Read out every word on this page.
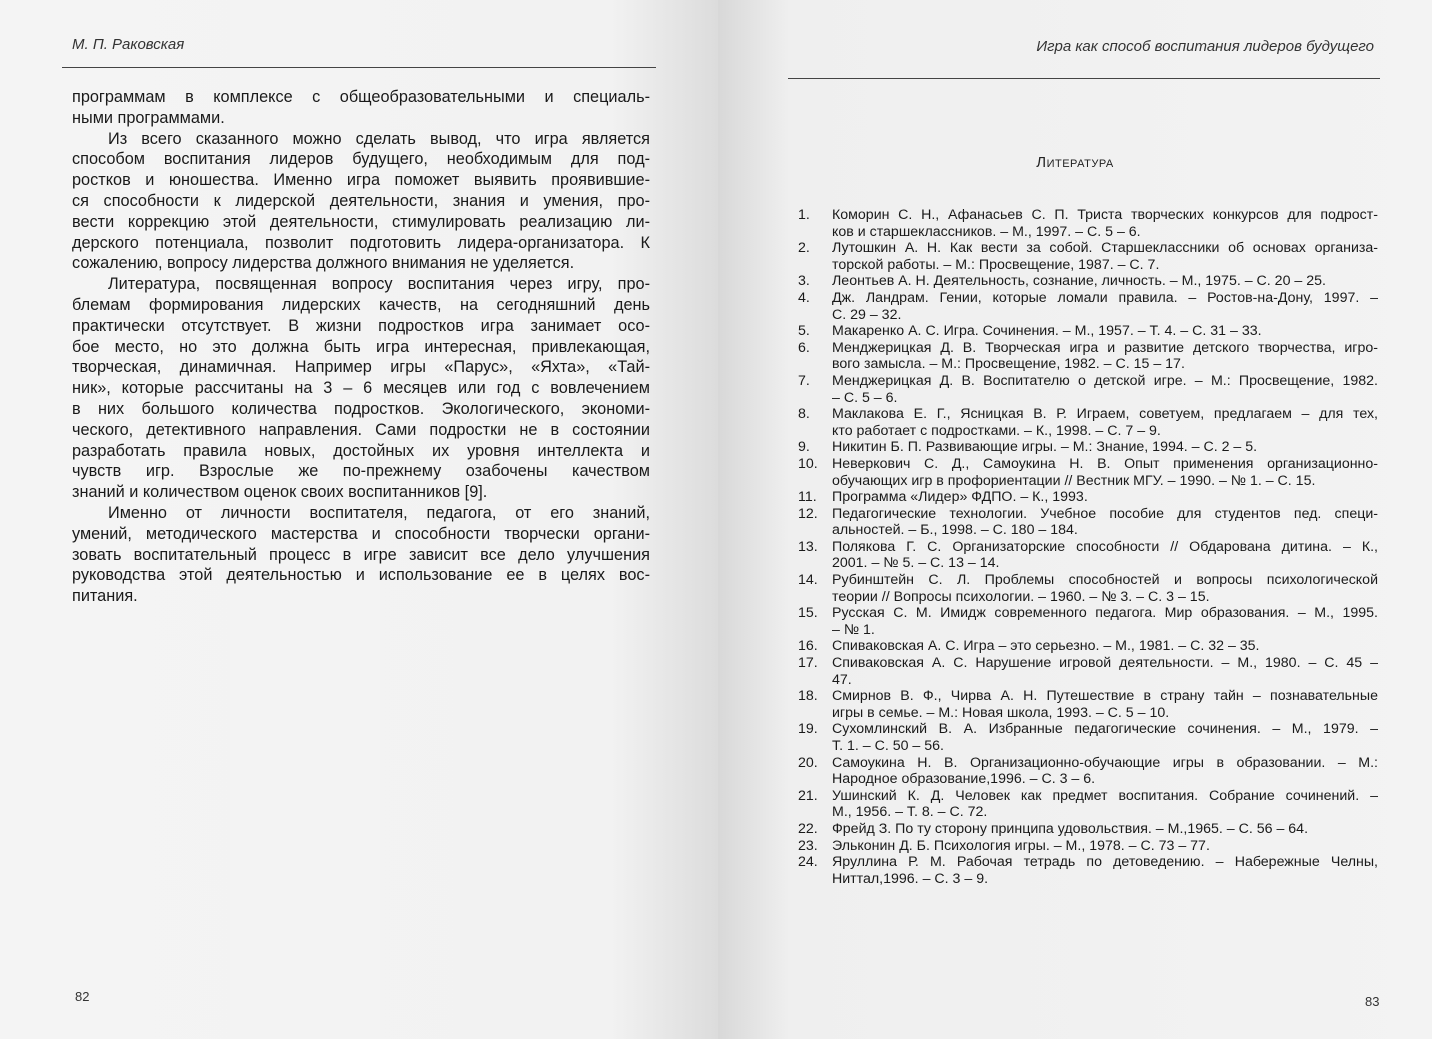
М. П. Раковская
программам в комплексе с общеобразовательными и специаль-
ными программами.
Из всего сказанного можно сделать вывод, что игра является
способом воспитания лидеров будущего, необходимым для под-
ростков и юношества. Именно игра поможет выявить проявившие-
ся способности к лидерской деятельности, знания и умения, про-
вести коррекцию этой деятельности, стимулировать реализацию ли-
дерского потенциала, позволит подготовить лидера-организатора. К
сожалению, вопросу лидерства должного внимания не уделяется.
Литература, посвященная вопросу воспитания через игру, про-
блемам формирования лидерских качеств, на сегодняшний день
практически отсутствует. В жизни подростков игра занимает осо-
бое место, но это должна быть игра интересная, привлекающая,
творческая, динамичная. Например игры «Парус», «Яхта», «Тай-
ник», которые рассчитаны на 3 – 6 месяцев или год с вовлечением
в них большого количества подростков. Экологического, экономи-
ческого, детективного направления. Сами подростки не в состоянии
разработать правила новых, достойных их уровня интеллекта и
чувств игр. Взрослые же по-прежнему озабочены качеством
знаний и количеством оценок своих воспитанников [9].
Именно от личности воспитателя, педагога, от его знаний,
умений, методического мастерства и способности творчески органи-
зовать воспитательный процесс в игре зависит все дело улучшения
руководства этой деятельностью и использование ее в целях вос-
питания.
82
Игра как способ воспитания лидеров будущего
Литература
1. Коморин С. Н., Афанасьев С. П. Триста творческих конкурсов для подрост-
ков и старшеклассников. – М., 1997. – С. 5 – 6.
2. Лутошкин А. Н. Как вести за собой. Старшеклассники об основах организа-
торской работы. – М.: Просвещение, 1987. – С. 7.
3. Леонтьев А. Н. Деятельность, сознание, личность. – М., 1975. – С. 20 – 25.
4. Дж. Ландрам. Гении, которые ломали правила. – Ростов-на-Дону, 1997. –
С. 29 – 32.
5. Макаренко А. С. Игра. Сочинения. – М., 1957. – Т. 4. – С. 31 – 33.
6. Менджерицкая Д. В. Творческая игра и развитие детского творчества, игро-
вого замысла. – М.: Просвещение, 1982. – С. 15 – 17.
7. Менджерицкая Д. В. Воспитателю о детской игре. – М.: Просвещение, 1982.
– С. 5 – 6.
8. Маклакова Е. Г., Ясницкая В. Р. Играем, советуем, предлагаем – для тех,
кто работает с подростками. – К., 1998. – С. 7 – 9.
9. Никитин Б. П. Развивающие игры. – М.: Знание, 1994. – С. 2 – 5.
10. Неверкович С. Д., Самоукина Н. В. Опыт применения организационно-
обучающих игр в профориентации // Вестник МГУ. – 1990. – № 1. – С. 15.
11. Программа «Лидер» ФДПО. – К., 1993.
12. Педагогические технологии. Учебное пособие для студентов пед. специ-
альностей. – Б., 1998. – С. 180 – 184.
13. Полякова Г. С. Организаторские способности // Обдарована дитина. – К.,
2001. – № 5. – С. 13 – 14.
14. Рубинштейн С. Л. Проблемы способностей и вопросы психологической
теории // Вопросы психологии. – 1960. – № 3. – С. 3 – 15.
15. Русская С. М. Имидж современного педагога. Мир образования. – М., 1995.
– № 1.
16. Спиваковская А. С. Игра – это серьезно. – М., 1981. – С. 32 – 35.
17. Спиваковская А. С. Нарушение игровой деятельности. – М., 1980. – С. 45 –
47.
18. Смирнов В. Ф., Чирва А. Н. Путешествие в страну тайн – познавательные
игры в семье. – М.: Новая школа, 1993. – С. 5 – 10.
19. Сухомлинский В. А. Избранные педагогические сочинения. – М., 1979. –
Т. 1. – С. 50 – 56.
20. Самоукина Н. В. Организационно-обучающие игры в образовании. – М.:
Народное образование,1996. – С. 3 – 6.
21. Ушинский К. Д. Человек как предмет воспитания. Собрание сочинений. –
М., 1956. – Т. 8. – С. 72.
22. Фрейд З. По ту сторону принципа удовольствия. – М.,1965. – С. 56 – 64.
23. Эльконин Д. Б. Психология игры. – М., 1978. – С. 73 – 77.
24. Яруллина Р. М. Рабочая тетрадь по детоведению. – Набережные Челны,
Ниттал,1996. – С. 3 – 9.
83
